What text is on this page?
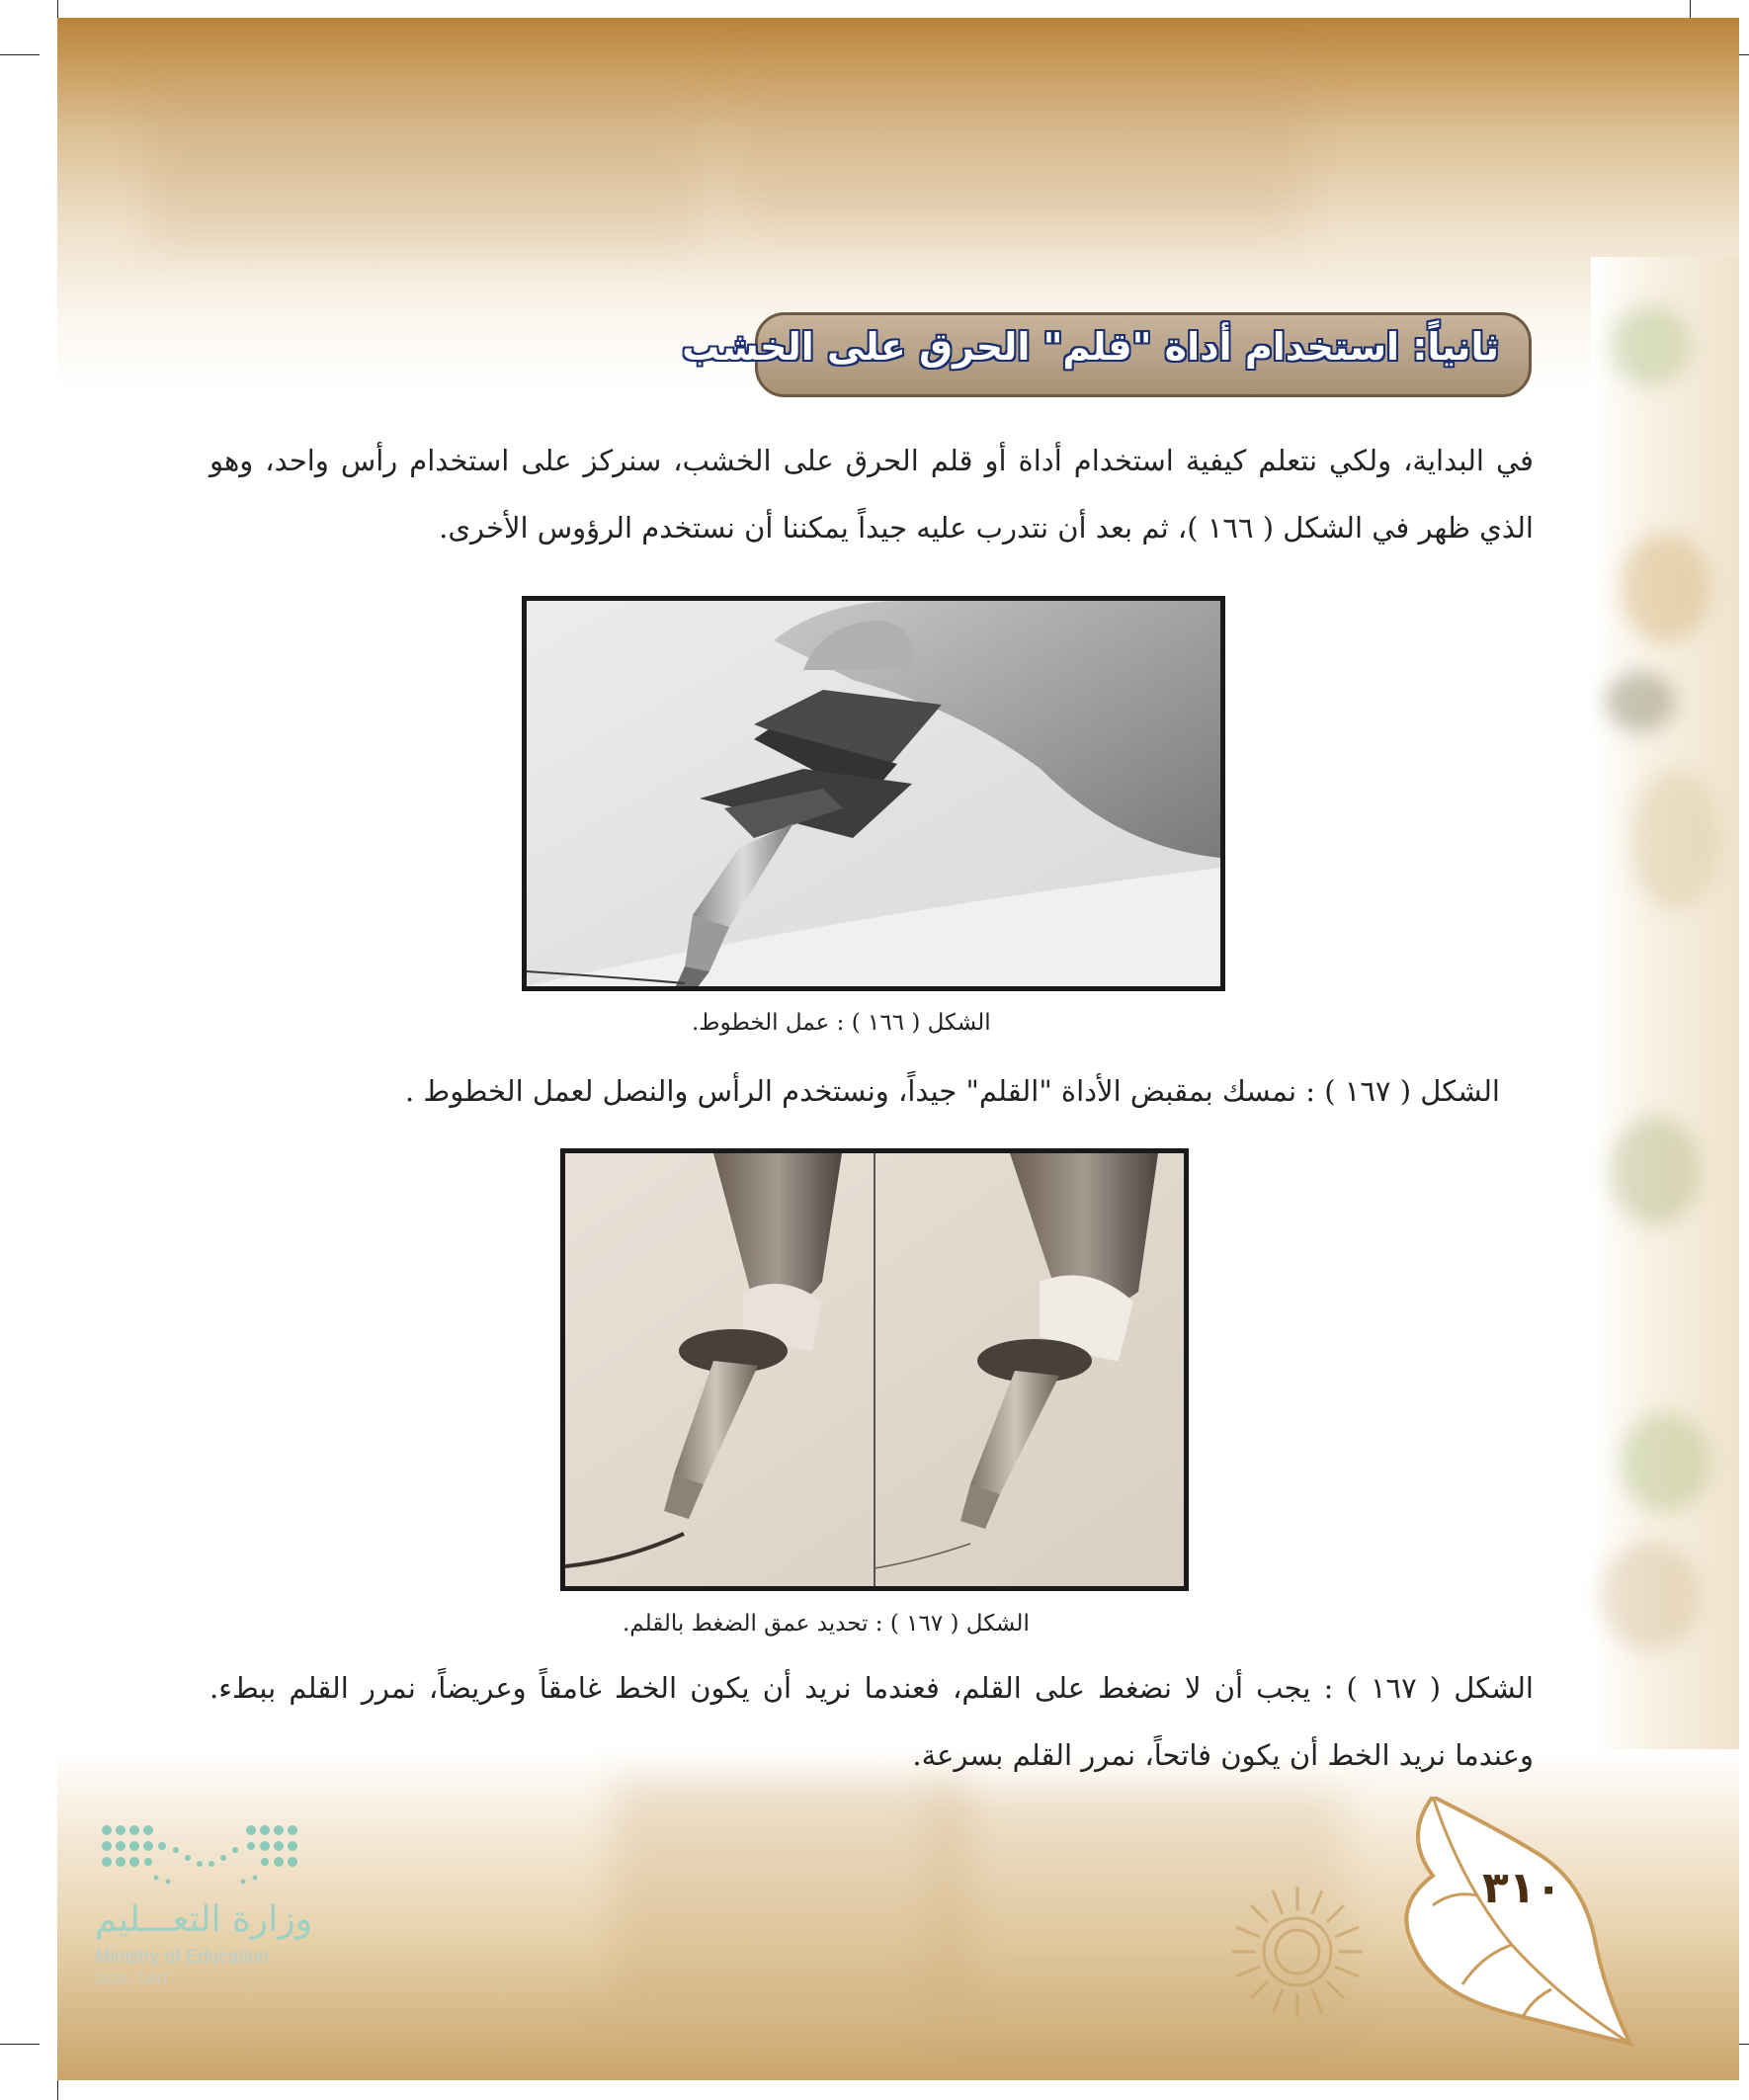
ثانياً: استخدام أداة "قلم" الحرق على الخشب
في البداية، ولكي نتعلم كيفية استخدام أداة أو قلم الحرق على الخشب، سنركز على استخدام رأس واحد، وهو الذي ظهر في الشكل ( ١٦٦ )، ثم بعد أن نتدرب عليه جيداً يمكننا أن نستخدم الرؤوس الأخرى.
الشكل ( ١٦٦ ) : عمل الخطوط.
الشكل ( ١٦٧ ) : نمسك بمقبض الأداة "القلم" جيداً، ونستخدم الرأس والنصل لعمل الخطوط .
الشكل ( ١٦٧ ) : تحديد عمق الضغط بالقلم.
الشكل ( ١٦٧ ) : يجب أن لا نضغط على القلم، فعندما نريد أن يكون الخط غامقاً وعريضاً، نمرر القلم ببطء. وعندما نريد الخط أن يكون فاتحاً، نمرر القلم بسرعة.
وزارة التعـــليم
Ministry of Education
2023 - 1447
٣١٠
